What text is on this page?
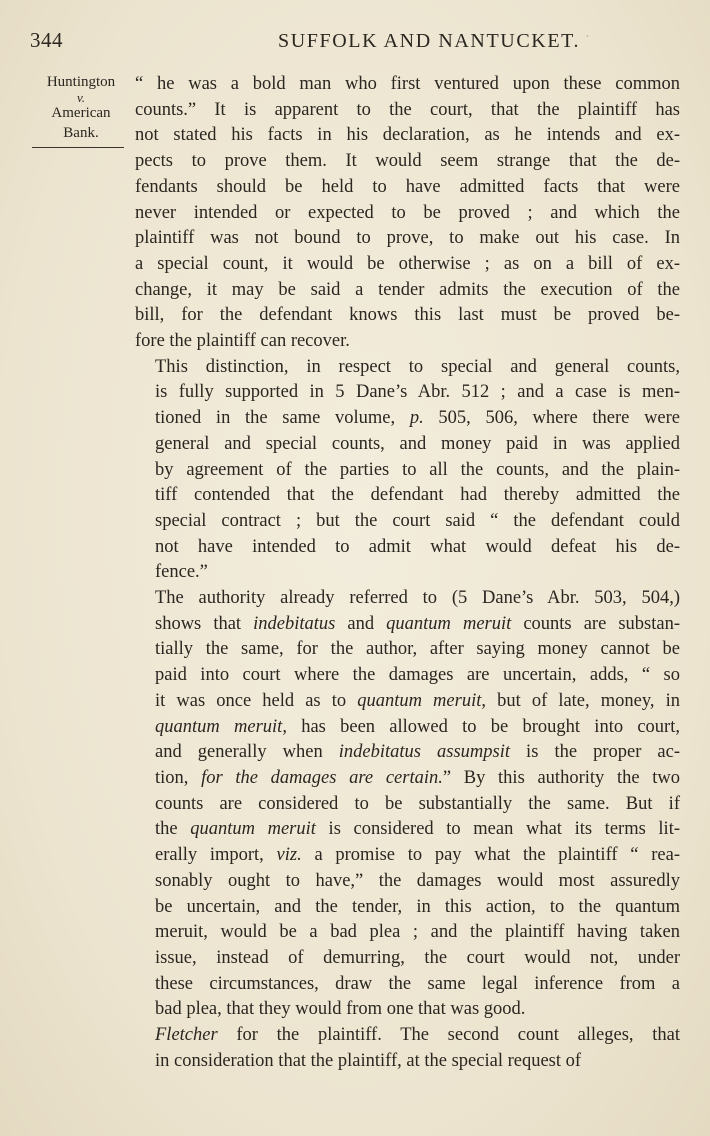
344	SUFFOLK AND NANTUCKET.
Huntington
v.
American
Bank.

“ he was a bold man who first ventured upon these common
counts.” It is apparent to the court, that the plaintiff has
not stated his facts in his declaration, as he intends and ex-
pects to prove them. It would seem strange that the de-
fendants should be held to have admitted facts that were
never intended or expected to be proved ; and which the
plaintiff was not bound to prove, to make out his case. In
a special count, it would be otherwise ; as on a bill of ex-
change, it may be said a tender admits the execution of the
bill, for the defendant knows this last must be proved be-
fore the plaintiff can recover.

This distinction, in respect to special and general counts,
is fully supported in 5 Dane’s Abr. 512 ; and a case is men-
tioned in the same volume, p. 505, 506, where there were
general and special counts, and money paid in was applied
by agreement of the parties to all the counts, and the plain-
tiff contended that the defendant had thereby admitted the
special contract ; but the court said “ the defendant could
not have intended to admit what would defeat his de-
fence.”

The authority already referred to (5 Dane’s Abr. 503, 504,)
shows that indebitatus and quantum meruit counts are substan-
tially the same, for the author, after saying money cannot be
paid into court where the damages are uncertain, adds, “ so
it was once held as to quantum meruit, but of late, money, in
quantum meruit, has been allowed to be brought into court,
and generally when indebitatus assumpsit is the proper ac-
tion, for the damages are certain.” By this authority the two
counts are considered to be substantially the same. But if
the quantum meruit is considered to mean what its terms lit-
erally import, viz. a promise to pay what the plaintiff “ rea-
sonably ought to have,” the damages would most assuredly
be uncertain, and the tender, in this action, to the quantum
meruit, would be a bad plea ; and the plaintiff having taken
issue, instead of demurring, the court would not, under
these circumstances, draw the same legal inference from a
bad plea, that they would from one that was good.

Fletcher for the plaintiff. The second count alleges, that
in consideration that the plaintiff, at the special request of

·
